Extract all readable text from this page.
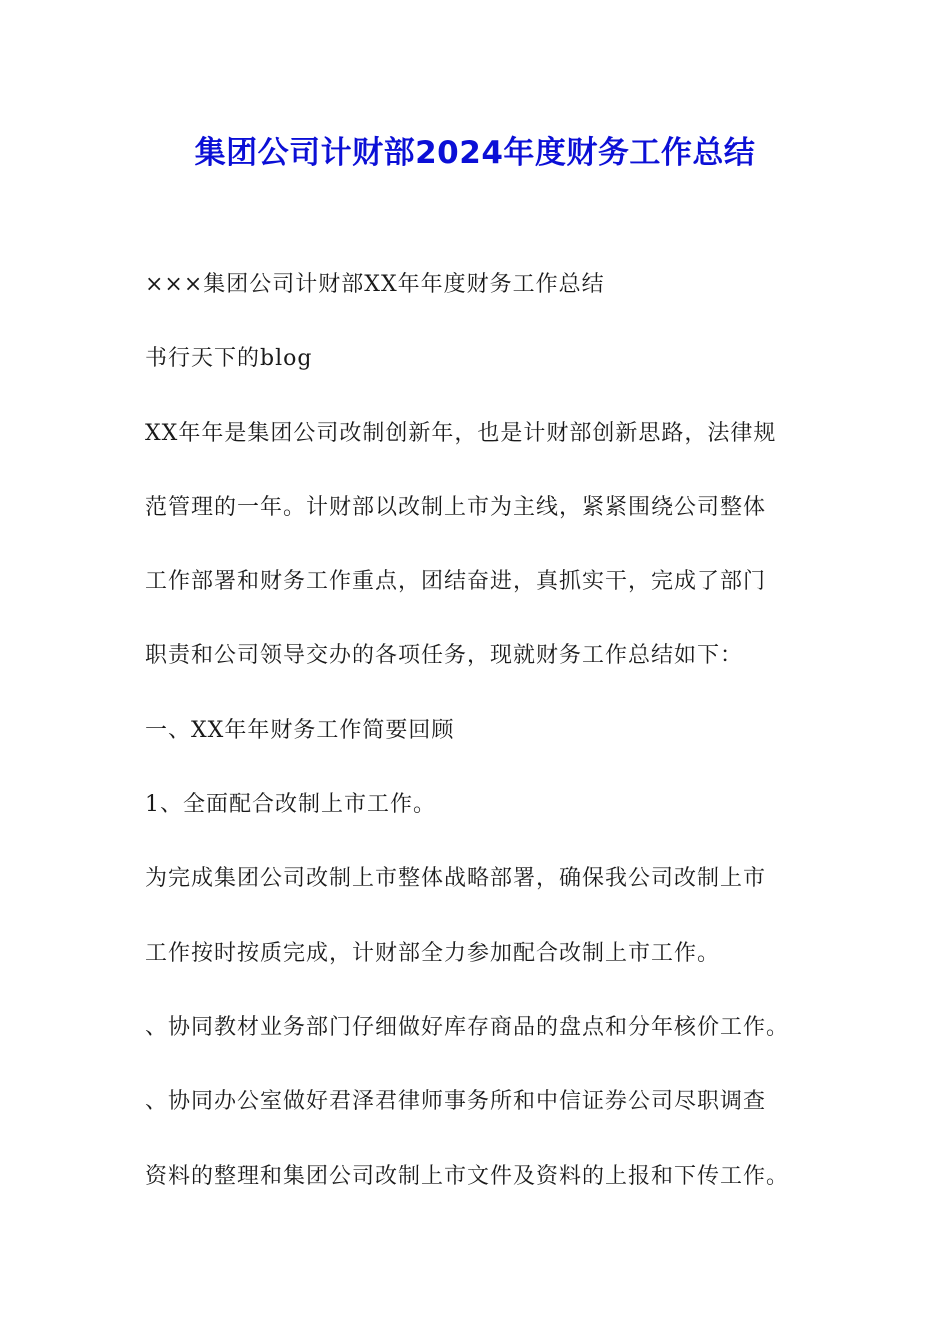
集团公司计财部2024年度财务工作总结

×××集团公司计财部XX年年度财务工作总结

书行天下的blog

XX年年是集团公司改制创新年，也是计财部创新思路，法律规

范管理的一年。计财部以改制上市为主线，紧紧围绕公司整体

工作部署和财务工作重点，团结奋进，真抓实干，完成了部门

职责和公司领导交办的各项任务，现就财务工作总结如下：

一、XX年年财务工作简要回顾

1、全面配合改制上市工作。

为完成集团公司改制上市整体战略部署，确保我公司改制上市

工作按时按质完成，计财部全力参加配合改制上市工作。

、协同教材业务部门仔细做好库存商品的盘点和分年核价工作。

、协同办公室做好君泽君律师事务所和中信证券公司尽职调查

资料的整理和集团公司改制上市文件及资料的上报和下传工作。
